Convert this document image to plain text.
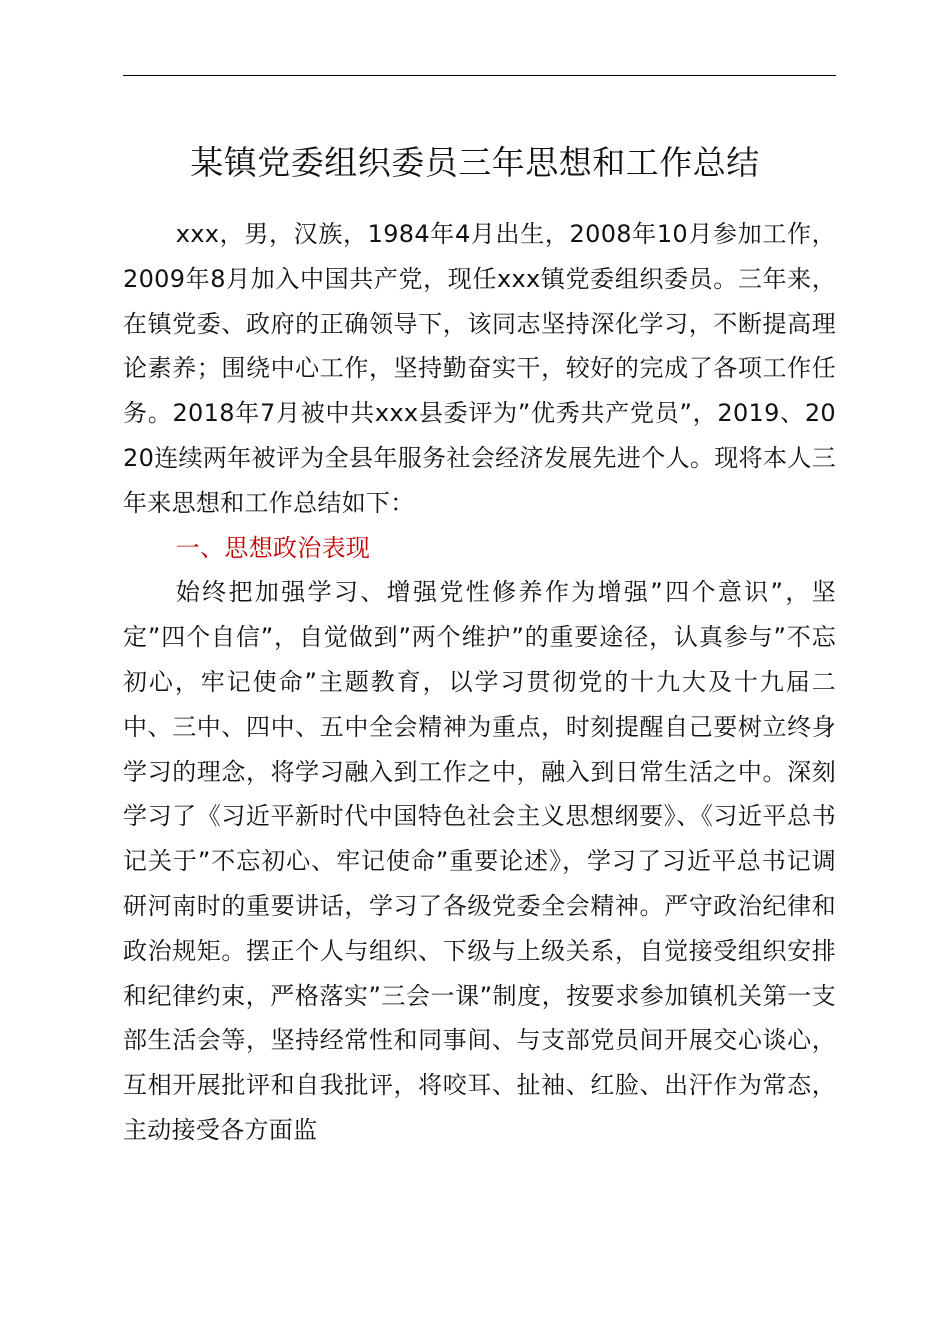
某镇党委组织委员三年思想和工作总结

xxx，男，汉族，1984年4月出生，2008年10月参加工作，2009年8月加入中国共产党，现任xxx镇党委组织委员。三年来，在镇党委、政府的正确领导下，该同志坚持深化学习，不断提高理论素养；围绕中心工作，坚持勤奋实干，较好的完成了各项工作任务。2018年7月被中共xxx县委评为”优秀共产党员”，2019、2020连续两年被评为全县年服务社会经济发展先进个人。现将本人三年来思想和工作总结如下：

一、思想政治表现

始终把加强学习、增强党性修养作为增强”四个意识”，坚定”四个自信”，自觉做到”两个维护”的重要途径，认真参与”不忘初心，牢记使命”主题教育，以学习贯彻党的十九大及十九届二中、三中、四中、五中全会精神为重点，时刻提醒自己要树立终身学习的理念，将学习融入到工作之中，融入到日常生活之中。深刻学习了《习近平新时代中国特色社会主义思想纲要》、《习近平总书记关于”不忘初心、牢记使命”重要论述》，学习了习近平总书记调研河南时的重要讲话，学习了各级党委全会精神。严守政治纪律和政治规矩。摆正个人与组织、下级与上级关系，自觉接受组织安排和纪律约束，严格落实”三会一课”制度，按要求参加镇机关第一支部生活会等，坚持经常性和同事间、与支部党员间开展交心谈心，互相开展批评和自我批评，将咬耳、扯袖、红脸、出汗作为常态，主动接受各方面监
